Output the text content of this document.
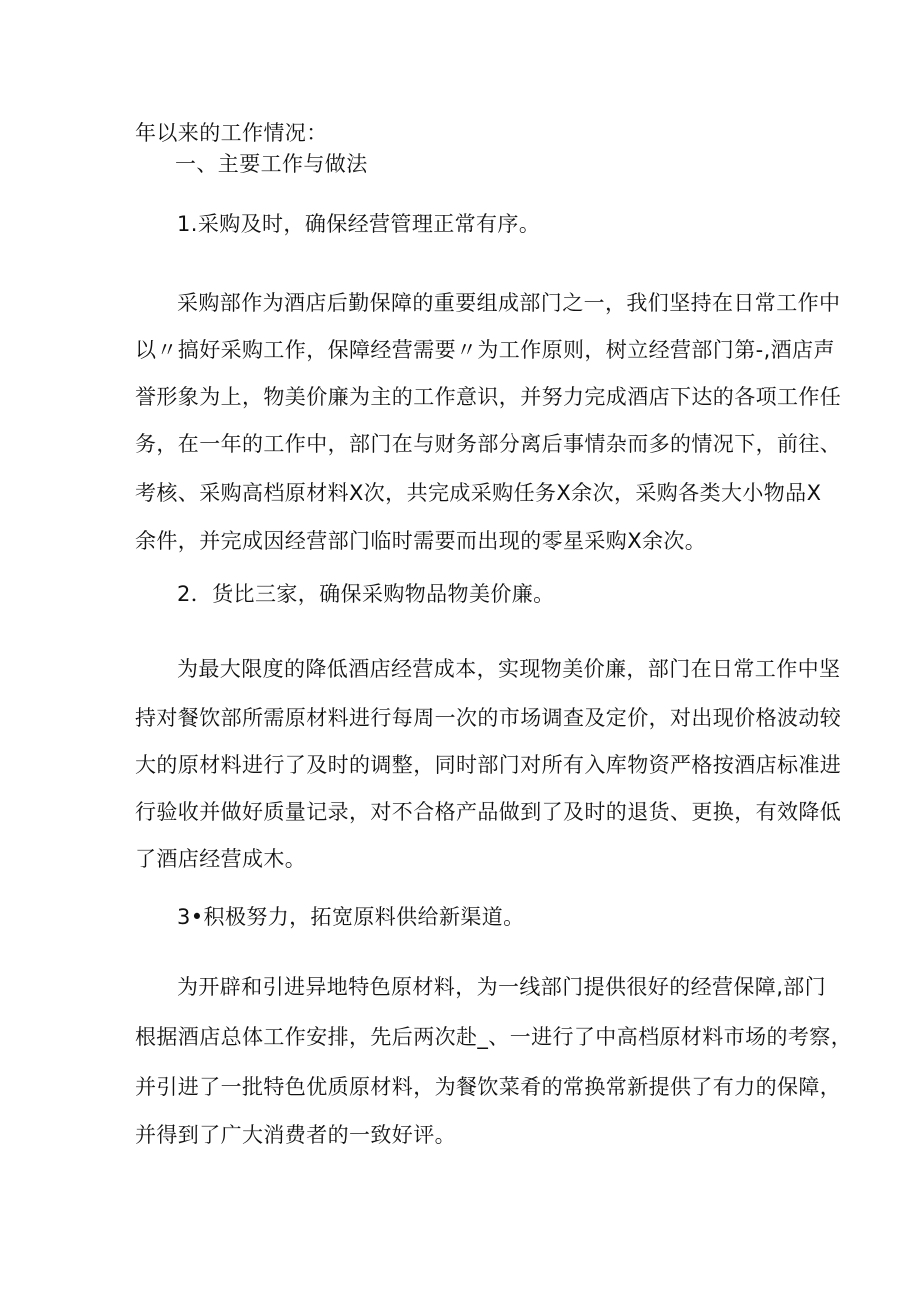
年以来的工作情况：
一、主要工作与做法
1.采购及时，确保经营管理正常有序。
采购部作为酒店后勤保障的重要组成部门之一，我们坚持在日常工作中
以〃搞好采购工作，保障经营需要〃为工作原则，树立经营部门第-,酒店声
誉形象为上，物美价廉为主的工作意识，并努力完成酒店下达的各项工作任
务，在一年的工作中，部门在与财务部分离后事情杂而多的情况下，前往、
考核、采购高档原材料X次，共完成采购任务X余次，采购各类大小物品X
余件，并完成因经营部门临时需要而出现的零星采购X余次。
2．货比三家，确保采购物品物美价廉。
为最大限度的降低酒店经营成本，实现物美价廉，部门在日常工作中坚
持对餐饮部所需原材料进行每周一次的市场调查及定价，对出现价格波动较
大的原材料进行了及时的调整，同时部门对所有入库物资严格按酒店标准进
行验收并做好质量记录，对不合格产品做到了及时的退货、更换，有效降低
了酒店经营成木。
3•积极努力，拓宽原料供给新渠道。
为开辟和引进异地特色原材料，为一线部门提供很好的经营保障,部门
根据酒店总体工作安排，先后两次赴_、一进行了中高档原材料市场的考察，
并引进了一批特色优质原材料，为餐饮菜肴的常换常新提供了有力的保障，
并得到了广大消费者的一致好评。
